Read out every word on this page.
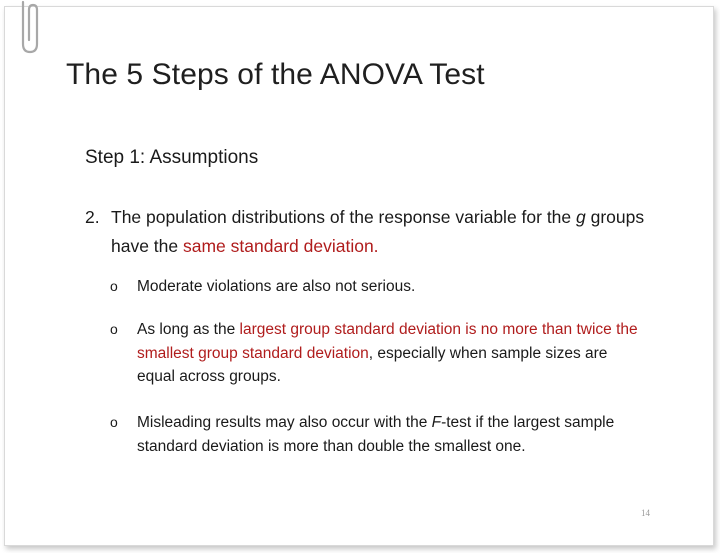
The 5 Steps of the ANOVA Test
Step 1: Assumptions
2. The population distributions of the response variable for the g groups have the same standard deviation.
o Moderate violations are also not serious.
o As long as the largest group standard deviation is no more than twice the smallest group standard deviation, especially when sample sizes are equal across groups.
o Misleading results may also occur with the F-test if the largest sample standard deviation is more than double the smallest one.
14
